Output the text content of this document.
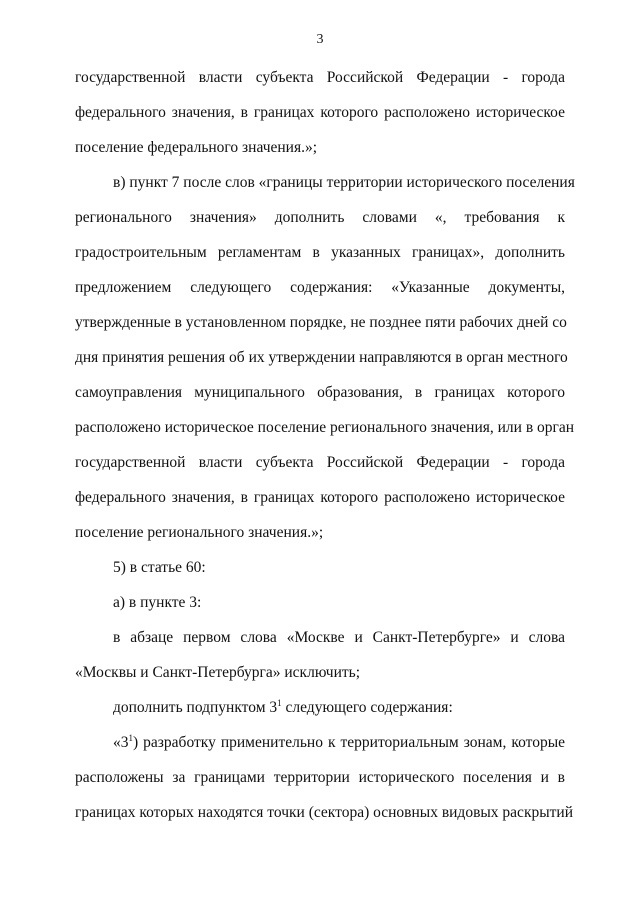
3
государственной власти субъекта Российской Федерации - города
федерального значения, в границах которого расположено историческое
поселение федерального значения.»;
в) пункт 7 после слов «границы территории исторического поселения
регионального значения» дополнить словами «, требования к
градостроительным регламентам в указанных границах», дополнить
предложением следующего содержания: «Указанные документы,
утвержденные в установленном порядке, не позднее пяти рабочих дней со
дня принятия решения об их утверждении направляются в орган местного
самоуправления муниципального образования, в границах которого
расположено историческое поселение регионального значения, или в орган
государственной власти субъекта Российской Федерации - города
федерального значения, в границах которого расположено историческое
поселение регионального значения.»;
5) в статье 60:
а) в пункте 3:
в абзаце первом слова «Москве и Санкт-Петербурге» и слова
«Москвы и Санкт-Петербурга» исключить;
дополнить подпунктом $3^1$ следующего содержания:
«$3^1$) разработку применительно к территориальным зонам, которые
расположены за границами территории исторического поселения и в
границах которых находятся точки (сектора) основных видовых раскрытий
